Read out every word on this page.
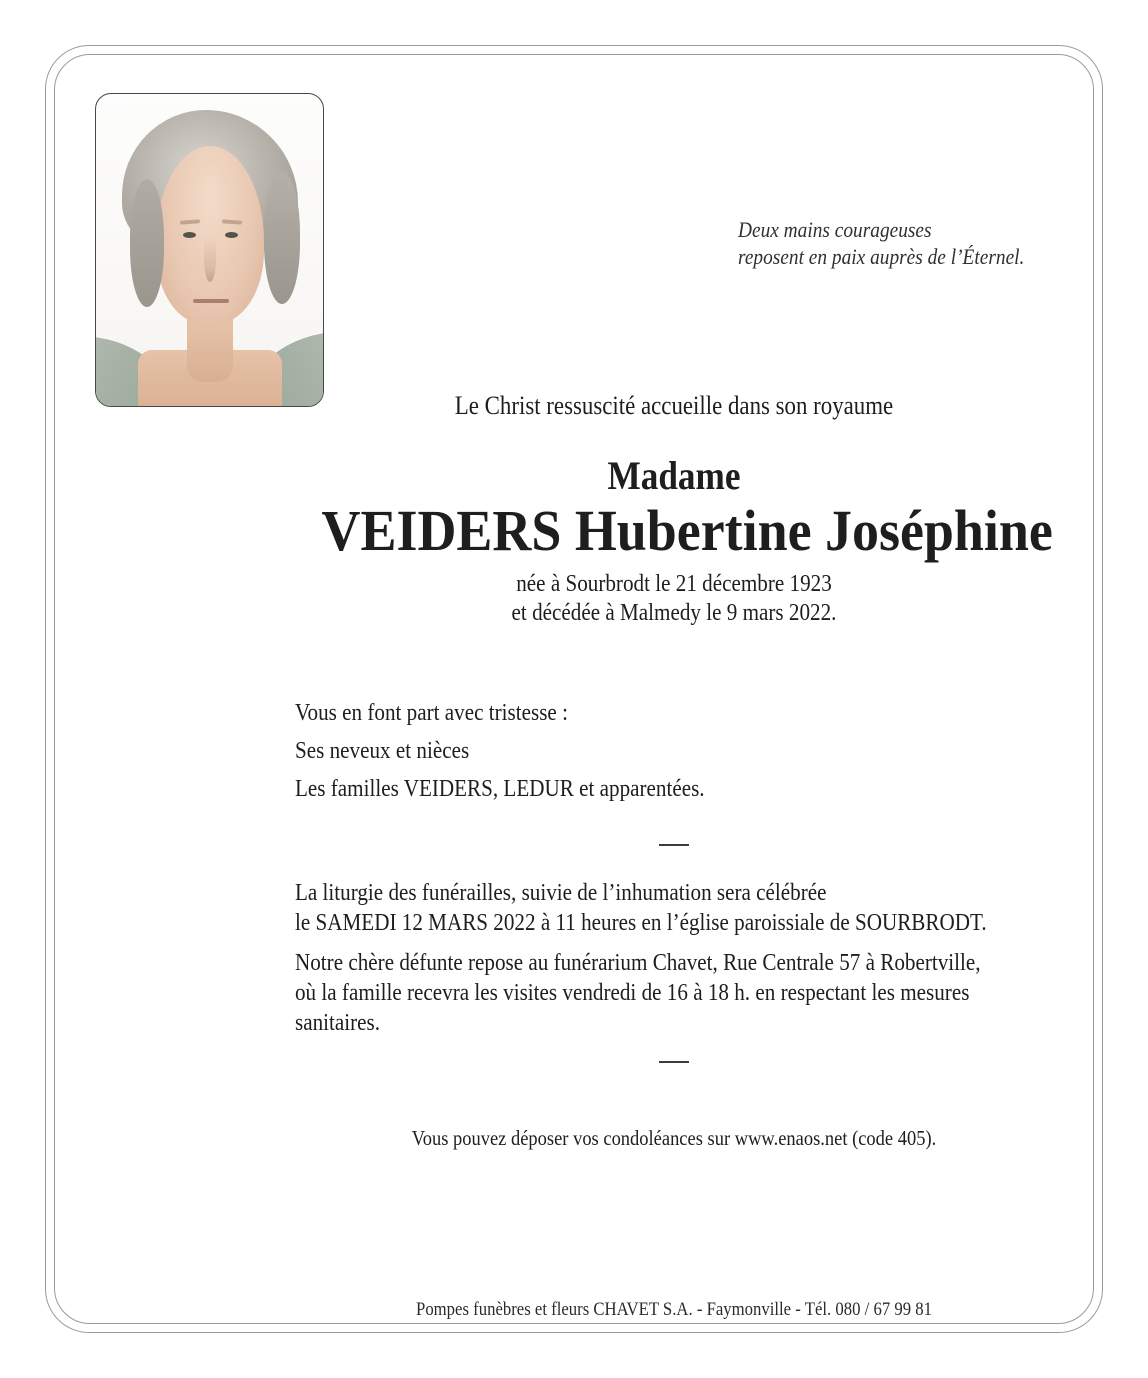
Deux mains courageuses
reposent en paix auprès de l’Éternel.
Le Christ ressuscité accueille dans son royaume
Madame
VEIDERS Hubertine Joséphine
née à Sourbrodt le 21 décembre 1923
et décédée à Malmedy le 9 mars 2022.
Vous en font part avec tristesse :
Ses neveux et nièces
Les familles VEIDERS, LEDUR et apparentées.
La liturgie des funérailles, suivie de l’inhumation sera célébrée
le SAMEDI 12 MARS 2022 à 11 heures en l’église paroissiale de SOURBRODT.
Notre chère défunte repose au funérarium Chavet, Rue Centrale 57 à Robertville,
où la famille recevra les visites vendredi de 16 à 18 h. en respectant les mesures
sanitaires.
Vous pouvez déposer vos condoléances sur www.enaos.net (code 405).
Pompes funèbres et fleurs CHAVET S.A. - Faymonville - Tél. 080 / 67 99 81
